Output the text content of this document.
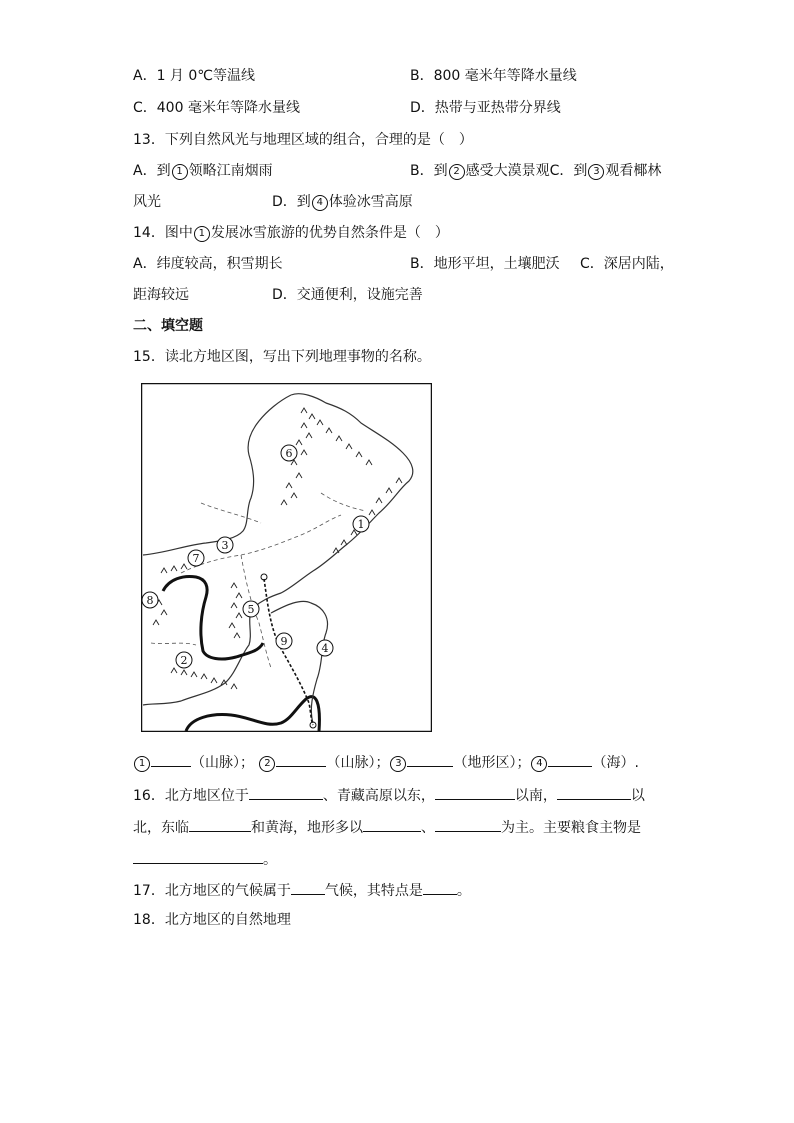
A．1 月 0℃等温线	B．800 毫米年等降水量线
C．400 毫米年等降水量线	D．热带与亚热带分界线
13．下列自然风光与地理区域的组合，合理的是（　）
A．到 1 领略江南烟雨	B．到 2 感受大漠景观C．到 3 观看椰林
风光	D．到 4 体验冰雪高原
14．图中 1 发展冰雪旅游的优势自然条件是（　）
A．纬度较高，积雪期长	B．地形平坦，土壤肥沃 C．深居内陆，
距海较远	D．交通便利，设施完善
二、填空题
15．读北方地区图，写出下列地理事物的名称。
1
2
3
4
5
6
7
8
9
1	（山脉）； 2	（山脉）； 3	（地形区）； 4	（海）.
16．北方地区位于	、青藏高原以东，	以南，	以
北，东临	和黄海，地形多以	、	为主。主要粮食主物是
。
17．北方地区的气候属于 气候，其特点是 。
18．北方地区的自然地理
